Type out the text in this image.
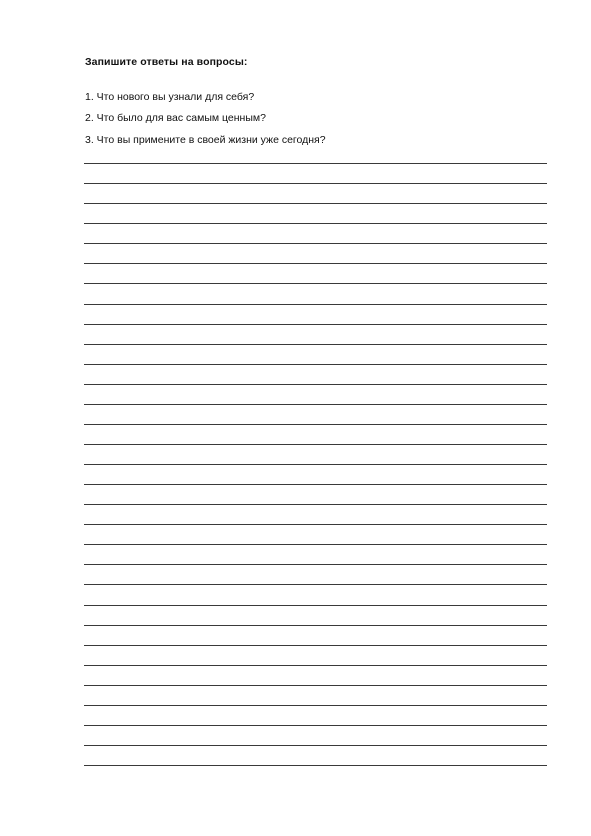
Запишите ответы на вопросы:
1. Что нового вы узнали для себя?
2. Что было для вас самым ценным?
3. Что вы примените в своей жизни уже сегодня?
